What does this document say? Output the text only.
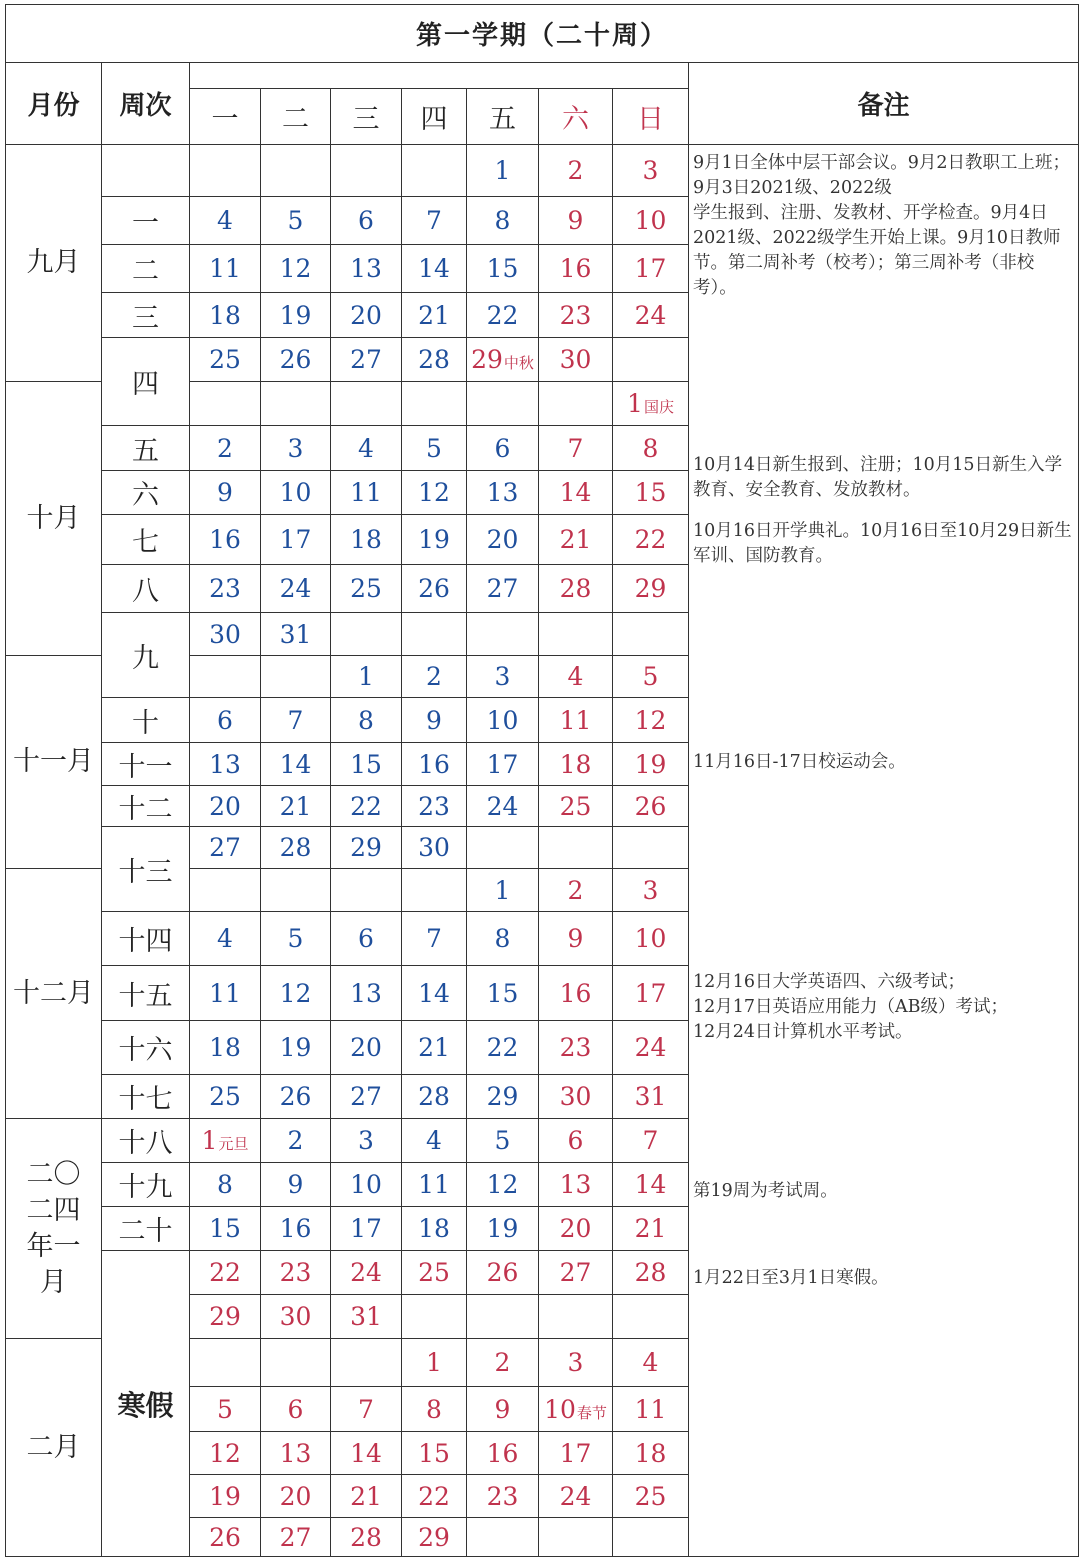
第一学期（二十周）
月份 周次	备注
一 二 三 四 五 六 日
九月
十月
十一月
十二月
二〇二四年一月
二月
一
二
三
四
五
六
七
八
九
十
十一
十二
十三
十四
十五
十六
十七
十八
十九
二十
寒假
1 2 3
4 5 6 7 8 9 10
11 12 13 14 15 16 17
18 19 20 21 22 23 24
25 26 27 28 29 中秋 30
1 国庆
2 3 4 5 6 7 8
9 10 11 12 13 14 15
16 17 18 19 20 21 22
23 24 25 26 27 28 29
30 31
1 2 3 4 5
6 7 8 9 10 11 12
13 14 15 16 17 18 19
20 21 22 23 24 25 26
27 28 29 30
1 2 3
4 5 6 7 8 9 10
11 12 13 14 15 16 17
18 19 20 21 22 23 24
25 26 27 28 29 30 31
1 元旦 2 3 4 5 6 7
8 9 10 11 12 13 14
15 16 17 18 19 20 21
22 23 24 25 26 27 28
29 30 31
1 2 3 4
5 6 7 8 9 10 春节 11
12 13 14 15 16 17 18
19 20 21 22 23 24 25
26 27 28 29
9月1日全体中层干部会议。9月2日教职工上班；9月3日2021级、2022级
学生报到、注册、发教材、开学检查。9月4日2021级、2022级学生开始上课。9月10日教师节。第二周补考（校考）；第三周补考（非校考）。
10月14日新生报到、注册；10月15日新生入学教育、安全教育、发放教材。
10月16日开学典礼。10月16日至10月29日新生军训、国防教育。
11月16日-17日校运动会。
12月16日大学英语四、六级考试；
12月17日英语应用能力（AB级）考试；
12月24日计算机水平考试。
第19周为考试周。
1月22日至3月1日寒假。
